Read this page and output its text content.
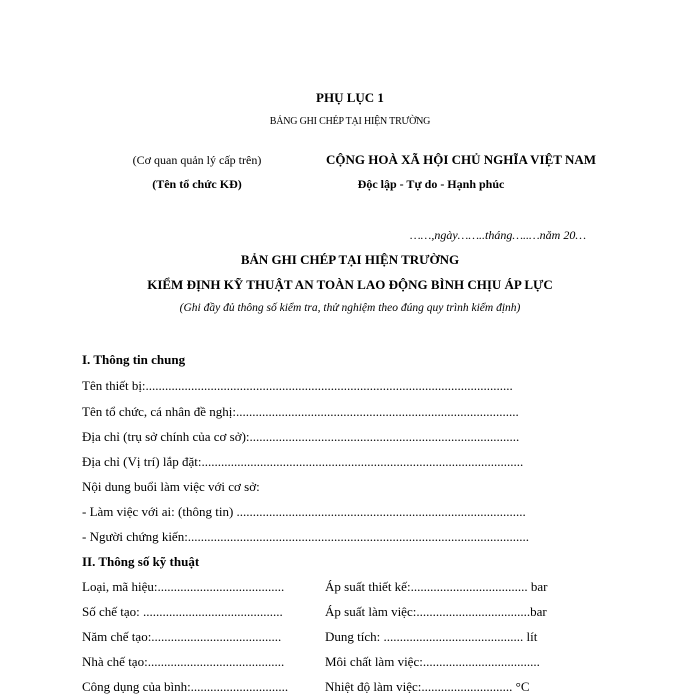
PHỤ LỤC 1
BẢNG GHI CHÉP TẠI HIỆN TRƯỜNG
(Cơ quan quản lý cấp trên)
(Tên tổ chức KĐ)
CỘNG HOÀ XÃ HỘI CHỦ NGHĨA VIỆT NAM
Độc lập - Tự do - Hạnh phúc
……,ngày……..tháng…..…năm 20…
BẢN GHI CHÉP TẠI HIỆN TRƯỜNG
KIỂM ĐỊNH KỸ THUẬT AN TOÀN LAO ĐỘNG BÌNH CHỊU ÁP LỰC
(Ghi đầy đủ thông số kiểm tra, thử nghiệm theo đúng quy trình kiểm định)
I. Thông tin chung
Tên thiết bị:.................................................................................................................
Tên tổ chức, cá nhân đề nghị:.......................................................................................
Địa chỉ (trụ sở chính của cơ sở):...................................................................................
Địa chỉ (Vị trí) lắp đặt:...................................................................................................
Nội dung buổi làm việc với cơ sở:
- Làm việc với ai: (thông tin) .........................................................................................
- Người chứng kiến:.........................................................................................................
II. Thông số kỹ thuật
Loại, mã hiệu:.......................................	Áp suất thiết kế:.................................... bar
Số chế tạo: ...........................................	Áp suất làm việc:...................................bar
Năm chế tạo:........................................	Dung tích: ........................................... lít
Nhà chế tạo:..........................................	Môi chất làm việc:....................................
Công dụng của bình:..............................	Nhiệt độ làm việc:............................ °C
